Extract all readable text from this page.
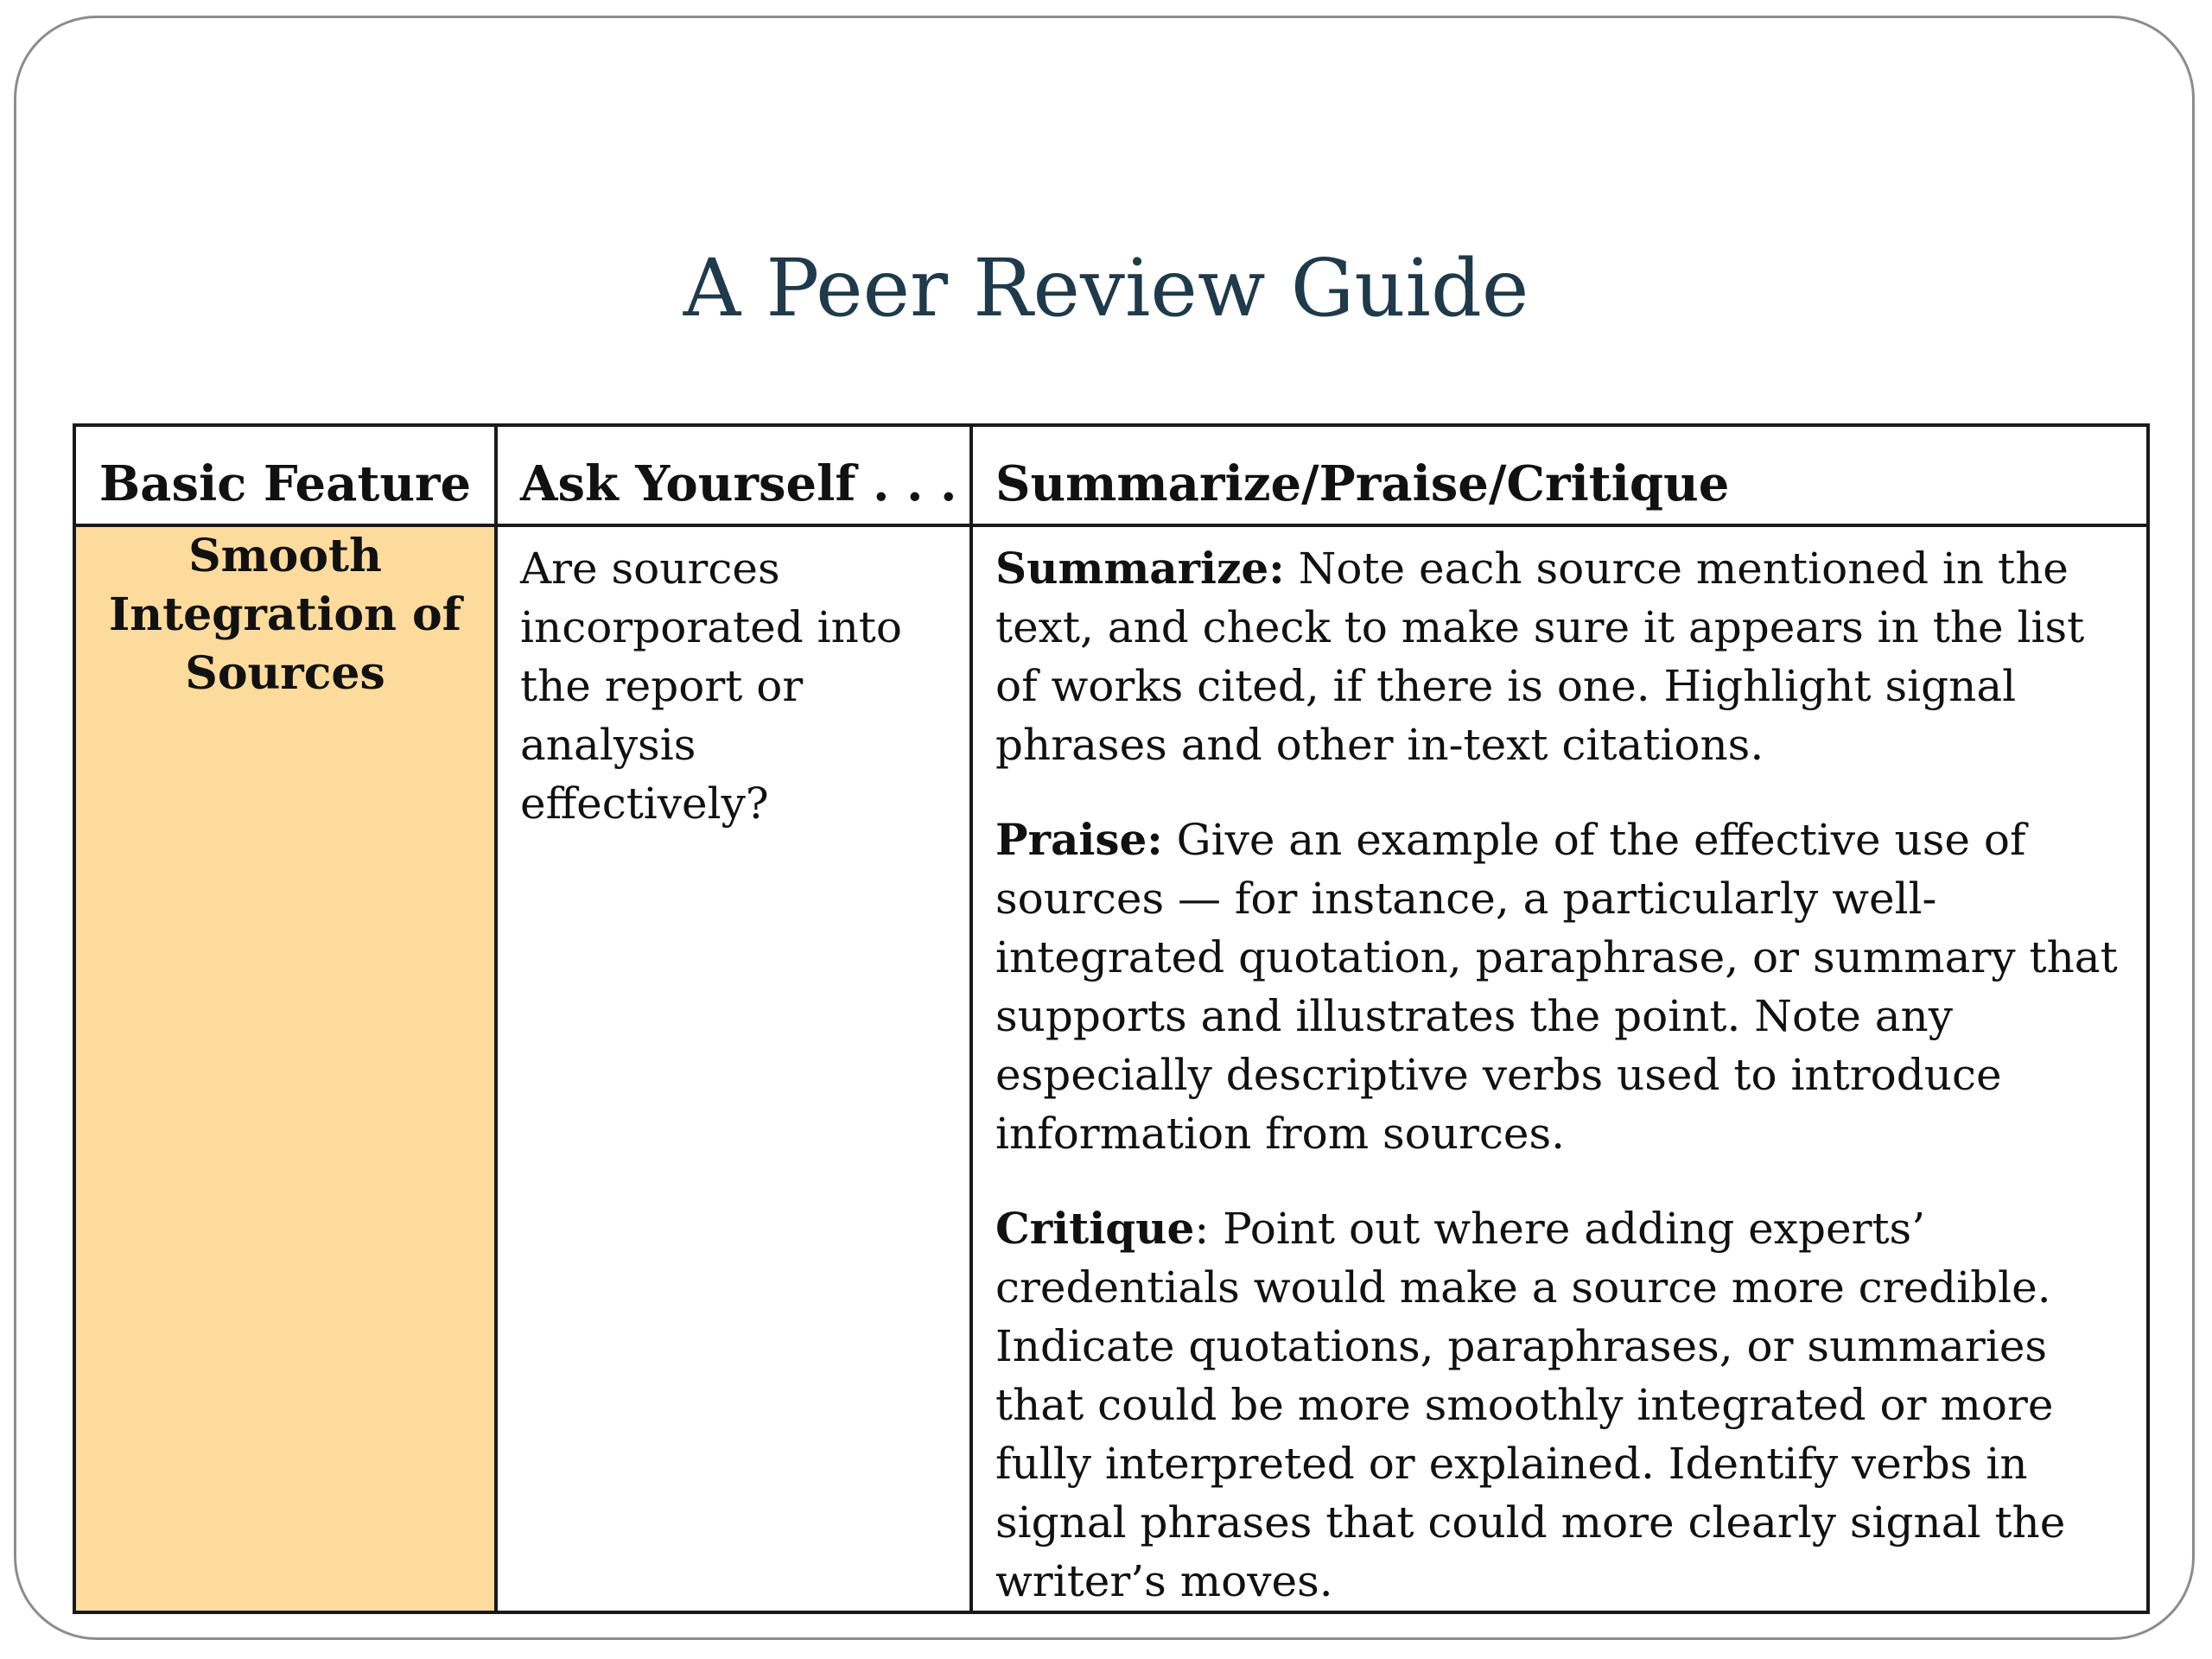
A Peer Review Guide
Basic Feature	Ask Yourself . . .	Summarize/Praise/Critique
Smooth Integration of Sources	Are sources incorporated into the report or analysis effectively?	Summarize: Note each source mentioned in the text, and check to make sure it appears in the list of works cited, if there is one. Highlight signal phrases and other in-text citations.

Praise: Give an example of the effective use of sources — for instance, a particularly well-integrated quotation, paraphrase, or summary that supports and illustrates the point. Note any especially descriptive verbs used to introduce information from sources.

Critique: Point out where adding experts’ credentials would make a source more credible. Indicate quotations, paraphrases, or summaries that could be more smoothly integrated or more fully interpreted or explained. Identify verbs in signal phrases that could more clearly signal the writer’s moves.
